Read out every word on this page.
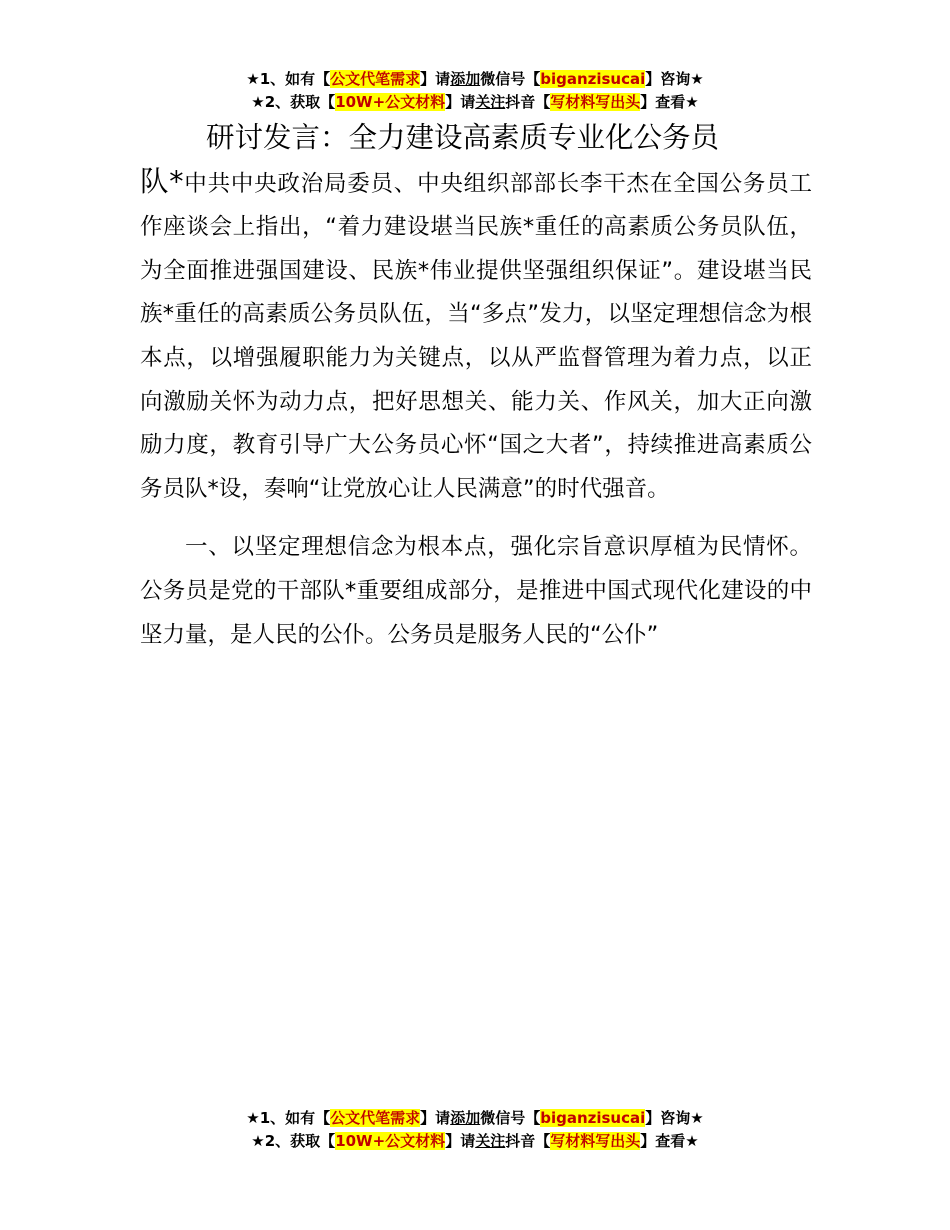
★1、如有【公文代笔需求】请添加微信号【biganzisucai】咨询★
★2、获取【10W+公文材料】请关注抖音【写材料写出头】查看★

研讨发言：全力建设高素质专业化公务员
队*中共中央政治局委员、中央组织部部长李干杰在全国公务员工作座谈会上指出，“着力建设堪当民族*重任的高素质公务员队伍，为全面推进强国建设、民族*伟业提供坚强组织保证”。建设堪当民族*重任的高素质公务员队伍，当“多点”发力，以坚定理想信念为根本点，以增强履职能力为关键点，以从严监督管理为着力点，以正向激励关怀为动力点，把好思想关、能力关、作风关，加大正向激励力度，教育引导广大公务员心怀“国之大者”，持续推进高素质公务员队*设，奏响“让党放心让人民满意”的时代强音。

一、以坚定理想信念为根本点，强化宗旨意识厚植为民情怀。公务员是党的干部队*重要组成部分，是推进中国式现代化建设的中坚力量，是人民的公仆。公务员是服务人民的“公仆”

★1、如有【公文代笔需求】请添加微信号【biganzisucai】咨询★
★2、获取【10W+公文材料】请关注抖音【写材料写出头】查看★
